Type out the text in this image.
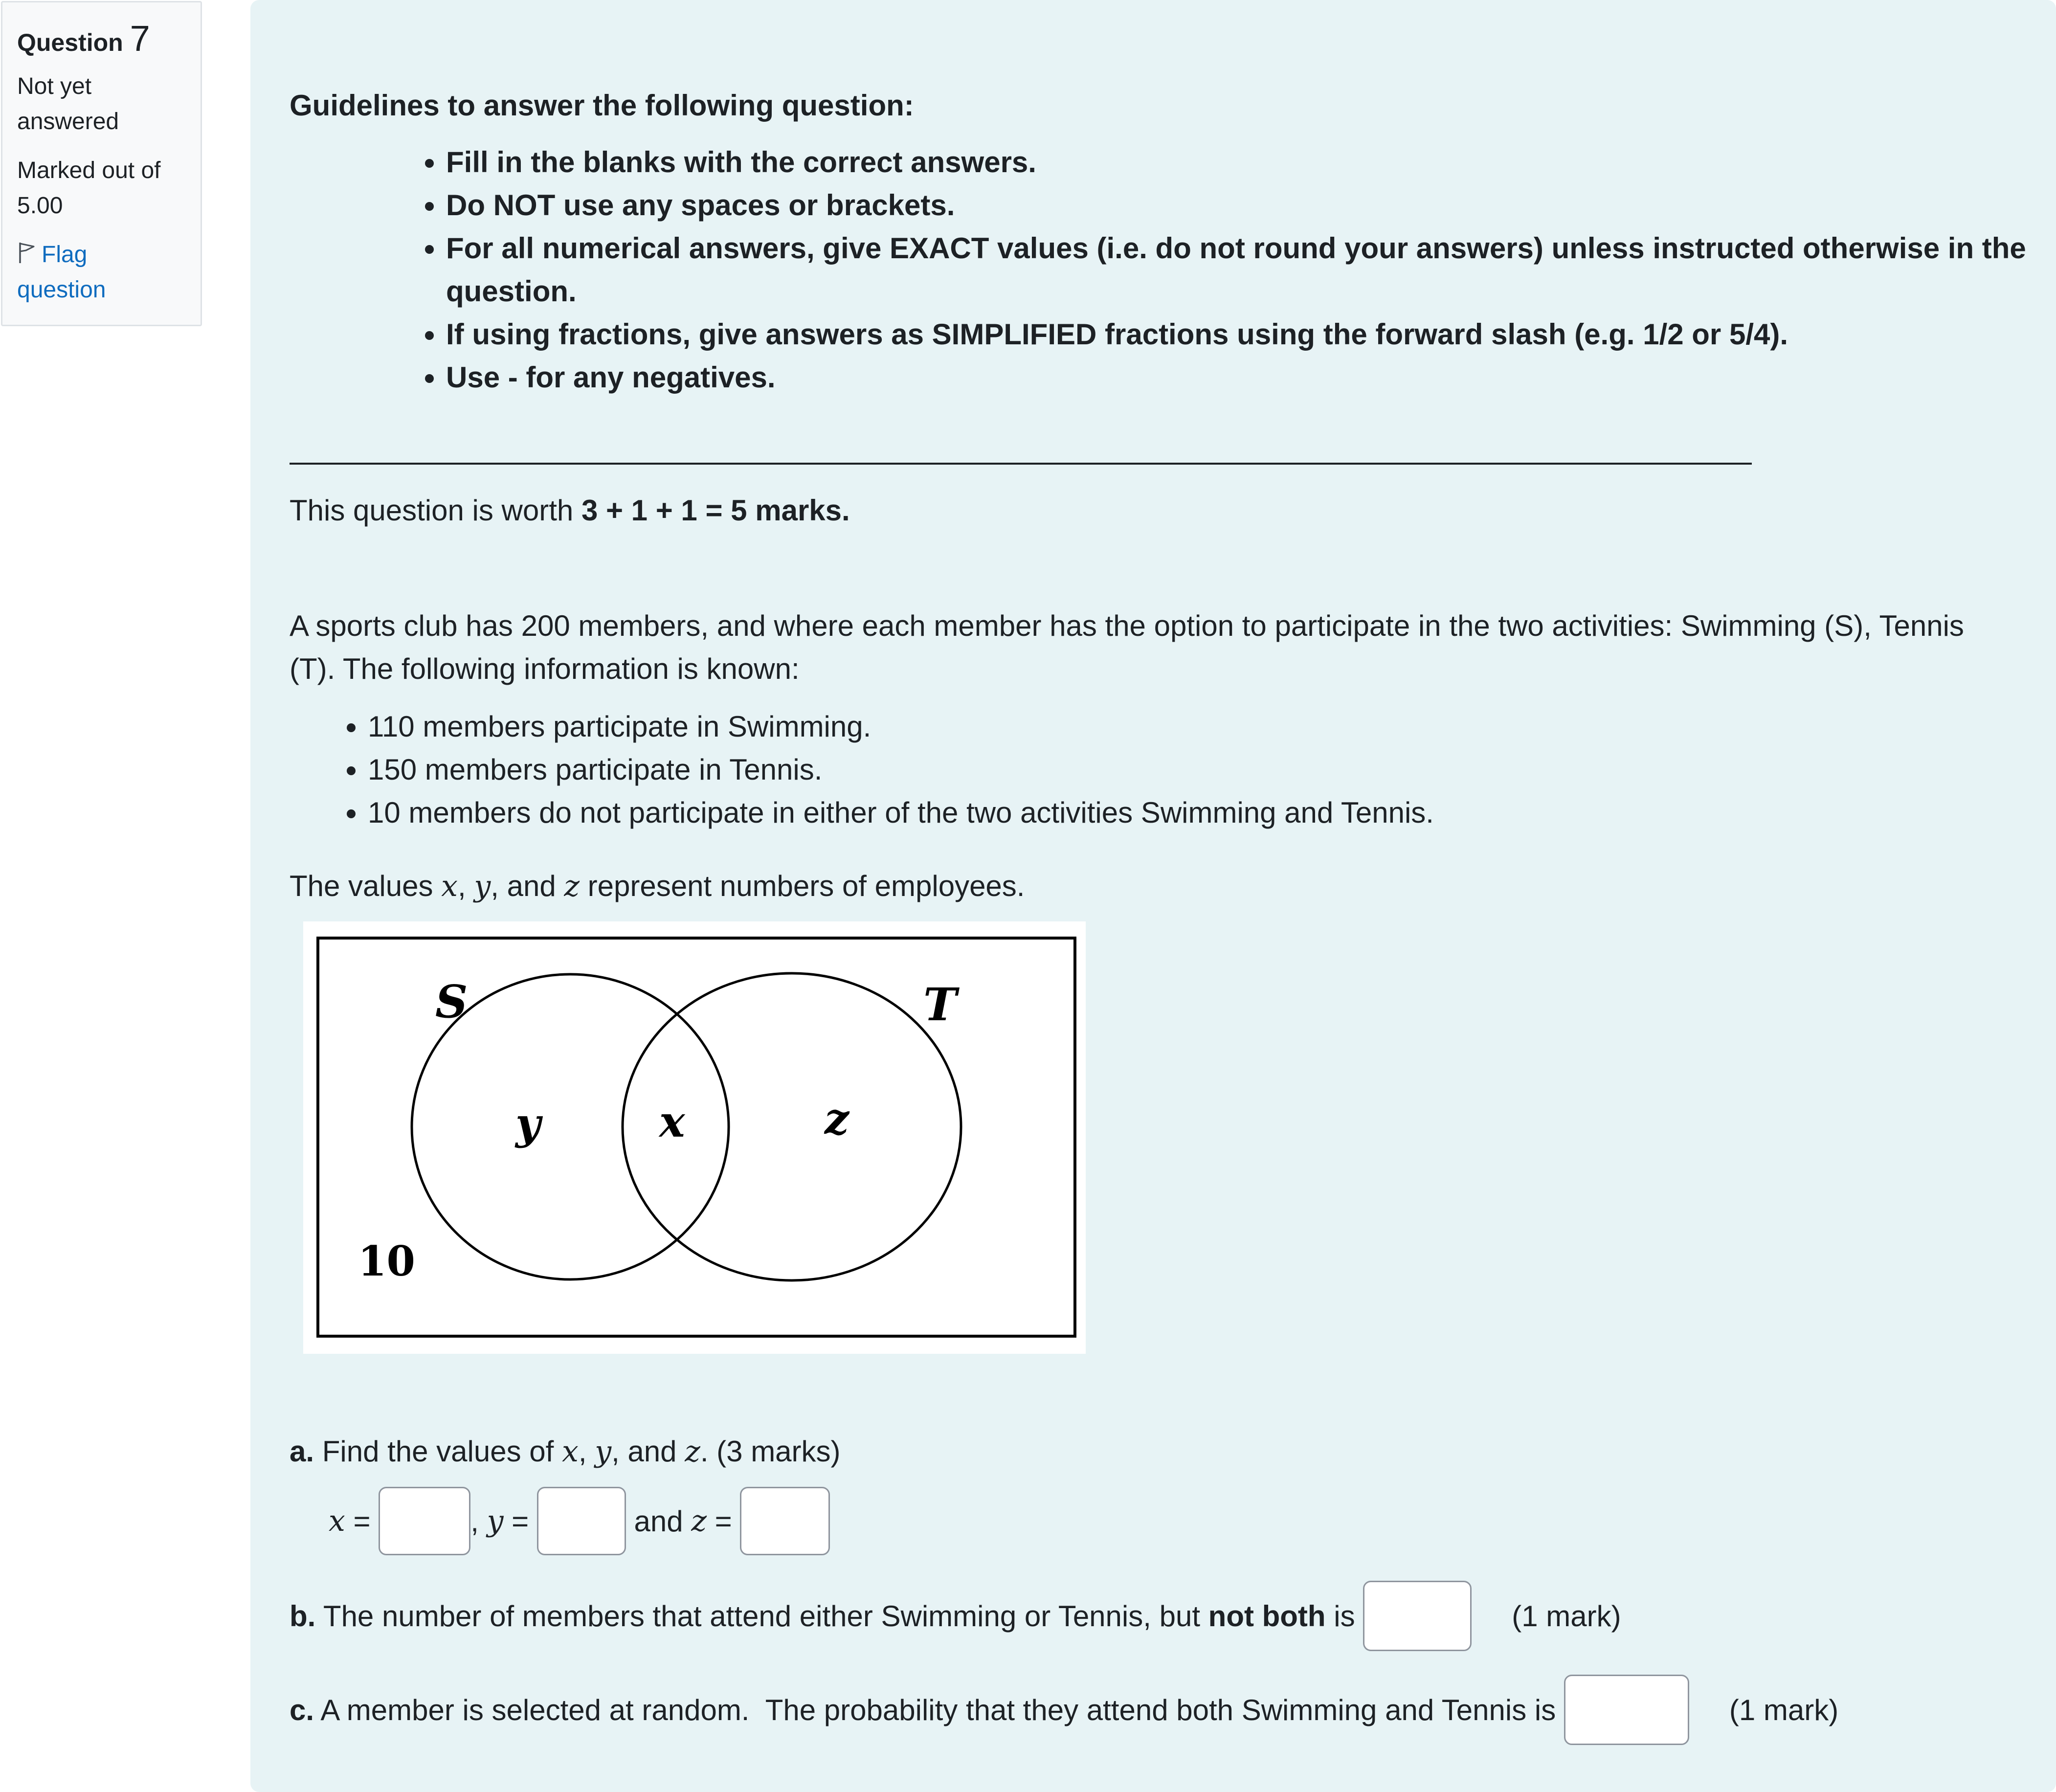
Question 7
Not yet
answered
Marked out of
5.00
Flag
question

Guidelines to answer the following question:

• Fill in the blanks with the correct answers.
• Do NOT use any spaces or brackets.
• For all numerical answers, give EXACT values (i.e. do not round your answers) unless instructed otherwise in the question.
• If using fractions, give answers as SIMPLIFIED fractions using the forward slash (e.g. 1/2 or 5/4).
• Use - for any negatives.

This question is worth 3 + 1 + 1 = 5 marks.

A sports club has 200 members, and where each member has the option to participate in the two activities: Swimming (S), Tennis (T). The following information is known:

• 110 members participate in Swimming.
• 150 members participate in Tennis.
• 10 members do not participate in either of the two activities Swimming and Tennis.

The values x, y, and z represent numbers of employees.

S	T
y	x	z
10

a. Find the values of x, y, and z. (3 marks)

x =	, y =	and z =
b. The number of members that attend either Swimming or Tennis, but not both is	(1 mark)
c. A member is selected at random.  The probability that they attend both Swimming and Tennis is	(1 mark)
